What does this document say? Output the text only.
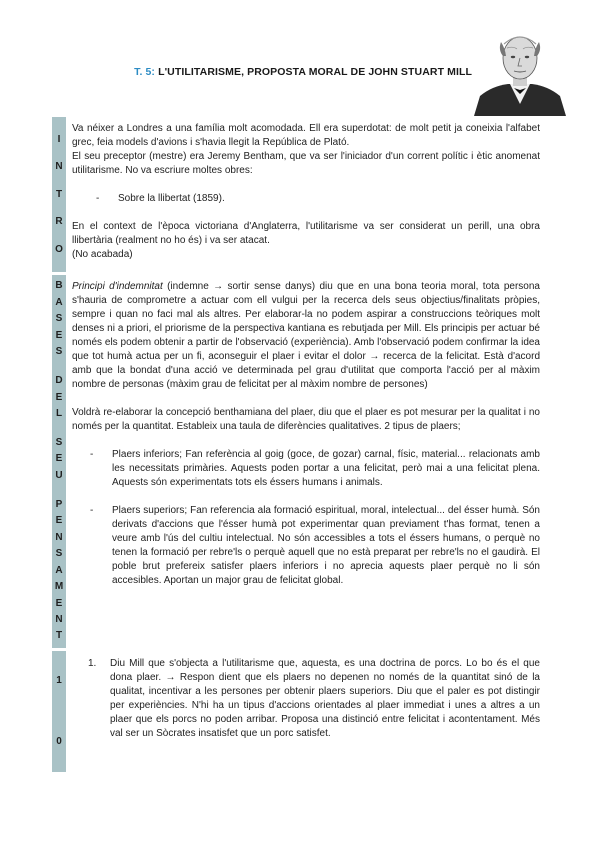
T. 5: L'UTILITARISME, PROPOSTA MORAL DE JOHN STUART MILL
I
N
T
R
O

Va néixer a Londres a una família molt acomodada. Ell era superdotat: de molt petit ja coneixia l'alfabet grec, feia models d'avions i s'havia llegit la República de Plató.

El seu preceptor (mestre) era Jeremy Bentham, que va ser l'iniciador d'un corrent polític i ètic anomenat utilitarisme. No va escriure moltes obres:

-	Sobre la llibertat (1859).

En el context de l'època victoriana d'Anglaterra, l'utilitarisme va ser considerat un perill, una obra llibertària (realment no ho és) i va ser atacat.

(No acabada)

B
A
S
E
S
D
E
L
S
E
U
P
E
N
S
A
M
E
N
T

Principi d'indemnitat (indemne → sortir sense danys) diu que en una bona teoria moral, tota persona s'hauria de comprometre a actuar com ell vulgui per la recerca dels seus objectius/finalitats pròpies, sempre i quan no faci mal als altres. Per elaborar-la no podem aspirar a construccions teòriques molt denses ni a priori, el priorisme de la perspectiva kantiana es rebutjada per Mill. Els principis per actuar bé només els podem obtenir a partir de l'observació (experiència). Amb l'observació podem confirmar la idea que tot humà actua per un fi, aconseguir el plaer i evitar el dolor → recerca de la felicitat. Està d'acord amb que la bondat d'una acció ve determinada pel grau d'utilitat que comporta l'acció per al màxim nombre de personas (màxim grau de felicitat per al màxim nombre de persones)

Voldrà re-elaborar la concepció benthamiana del plaer, diu que el plaer es pot mesurar per la qualitat i no només per la quantitat. Estableix una taula de diferències qualitatives. 2 tipus de plaers;

-	Plaers inferiors; Fan referència al goig (goce, de gozar) carnal, físic, material... relacionats amb les necessitats primàries. Aquests poden portar a una felicitat, però mai a una felicitat plena. Aquests són experimentats tots els éssers humans i animals.
-	Plaers superiors; Fan referencia ala formació espiritual, moral, intelectual... del ésser humà. Són derivats d'accions que l'ésser humà pot experimentar quan previament t'has format, tenen a veure amb l'ús del cultiu intelectual. No són accessibles a tots el éssers humans, o perquè no tenen la formació per rebre'ls o perquè aquell que no està preparat per rebre'ls no el gaudirà. El poble brut prefereix satisfer plaers inferiors i no aprecia aquests plaer perquè no li són accesibles. Aportan un major grau de felicitat global.
1
0
1.	Diu Mill que s'objecta a l'utilitarisme que, aquesta, es una doctrina de porcs. Lo bo és el que dona plaer. → Respon dient que els plaers no depenen no només de la quantitat sinó de la qualitat, incentivar a les persones per obtenir plaers superiors. Diu que el paler es pot distingir per experiències. N'hi ha un tipus d'accions orientades al plaer immediat i unes a altres a un plaer que els porcs no poden arribar. Proposa una distinció entre felicitat i acontentament. Més val ser un Sòcrates insatisfet que un porc satisfet.
